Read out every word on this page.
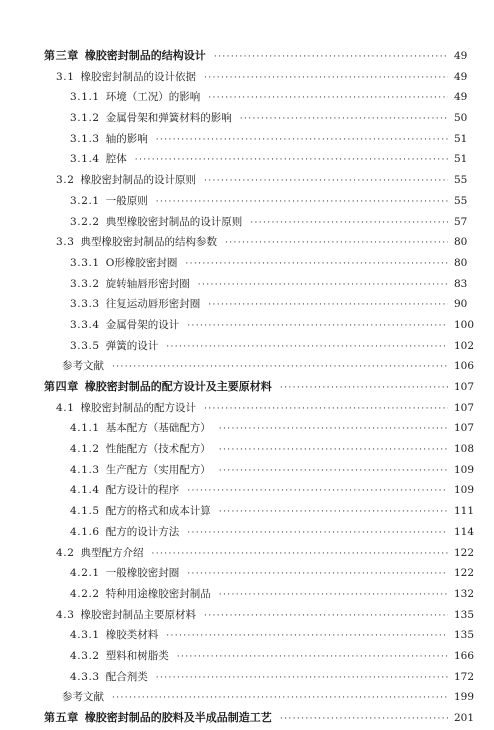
第三章 橡胶密封制品的结构设计 ·····	49
3.1 橡胶密封制品的设计依据 ·····	49
3.1.1 环境（工况）的影响 ·····	49
3.1.2 金属骨架和弹簧材料的影响 ·····	50
3.1.3 轴的影响 ·····	51
3.1.4 腔体 ·····	51
3.2 橡胶密封制品的设计原则 ·····	55
3.2.1 一般原则 ·····	55
3.2.2 典型橡胶密封制品的设计原则 ·····	57
3.3 典型橡胶密封制品的结构参数 ·····	80
3.3.1 O形橡胶密封圈 ·····	80
3.3.2 旋转轴唇形密封圈 ·····	83
3.3.3 往复运动唇形密封圈 ·····	90
3.3.4 金属骨架的设计 ·····	100
3.3.5 弹簧的设计 ·····	102
参考文献 ·····	106
第四章 橡胶密封制品的配方设计及主要原材料 ·····	107
4.1 橡胶密封制品的配方设计 ·····	107
4.1.1 基本配方（基础配方） ·····	107
4.1.2 性能配方（技术配方） ·····	108
4.1.3 生产配方（实用配方） ·····	109
4.1.4 配方设计的程序 ·····	109
4.1.5 配方的格式和成本计算 ·····	111
4.1.6 配方的设计方法 ·····	114
4.2 典型配方介绍 ·····	122
4.2.1 一般橡胶密封圈 ·····	122
4.2.2 特种用途橡胶密封制品 ·····	132
4.3 橡胶密封制品主要原材料 ·····	135
4.3.1 橡胶类材料 ·····	135
4.3.2 塑料和树脂类 ·····	166
4.3.3 配合剂类 ·····	172
参考文献 ·····	199
第五章 橡胶密封制品的胶料及半成品制造工艺 ·····	201
